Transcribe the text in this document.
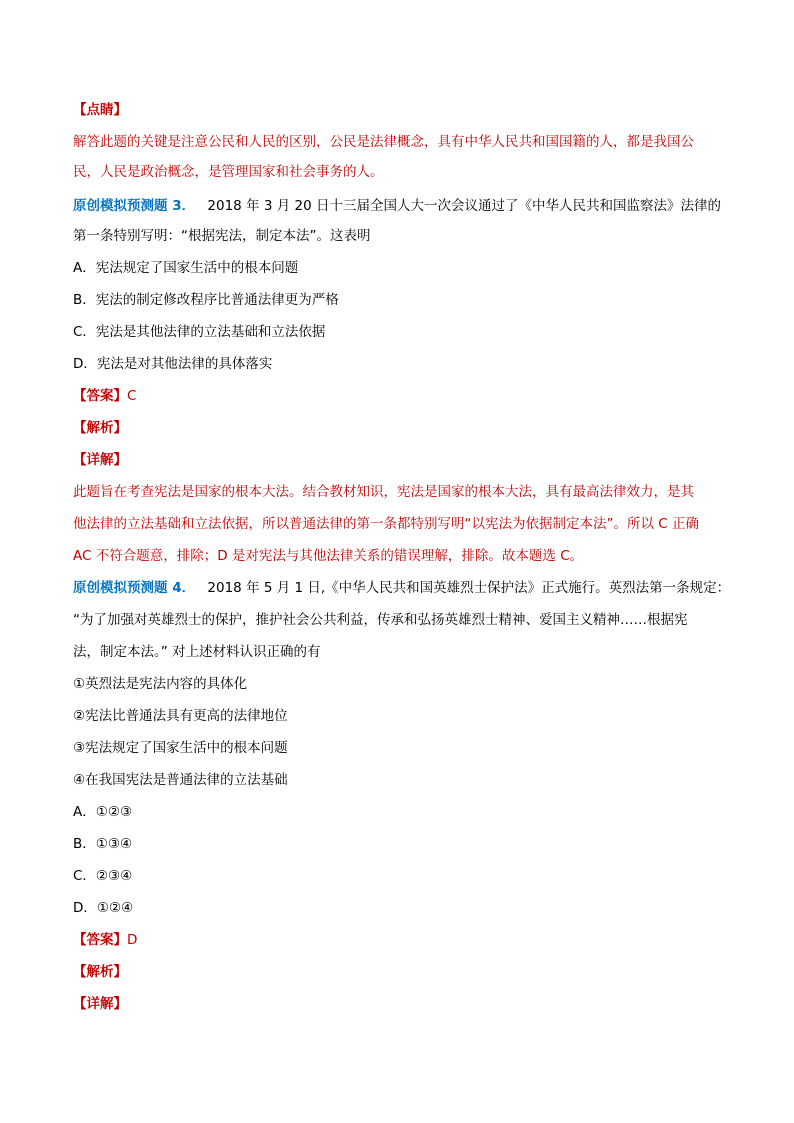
【点睛】
解答此题的关键是注意公民和人民的区别，公民是法律概念，具有中华人民共和国国籍的人，都是我国公
民，人民是政治概念，是管理国家和社会事务的人。
原创模拟预测题 3． 2018 年 3 月 20 日十三届全国人大一次会议通过了《中华人民共和国监察法》法律的
第一条特别写明：“根据宪法，制定本法”。这表明
A．宪法规定了国家生活中的根本问题
B．宪法的制定修改程序比普通法律更为严格
C．宪法是其他法律的立法基础和立法依据
D．宪法是对其他法律的具体落实
【答案】C
【解析】
【详解】
此题旨在考查宪法是国家的根本大法。结合教材知识，宪法是国家的根本大法，具有最高法律效力，是其
他法律的立法基础和立法依据，所以普通法律的第一条都特别写明“以宪法为依据制定本法”。所以 C 正确
AC 不符合题意，排除；D 是对宪法与其他法律关系的错误理解，排除。故本题选 C。
原创模拟预测题 4． 2018 年 5 月 1 日,《中华人民共和国英雄烈士保护法》正式施行。英烈法第一条规定：
“为了加强对英雄烈士的保护，推护社会公共利益，传承和弘扬英雄烈士精神、爱国主义精神……根据宪
法，制定本法。” 对上述材料认识正确的有
①英烈法是宪法内容的具体化
②宪法比普通法具有更高的法律地位
③宪法规定了国家生活中的根本问题
④在我国宪法是普通法律的立法基础
A．①②③
B．①③④
C．②③④
D．①②④
【答案】D
【解析】
【详解】
